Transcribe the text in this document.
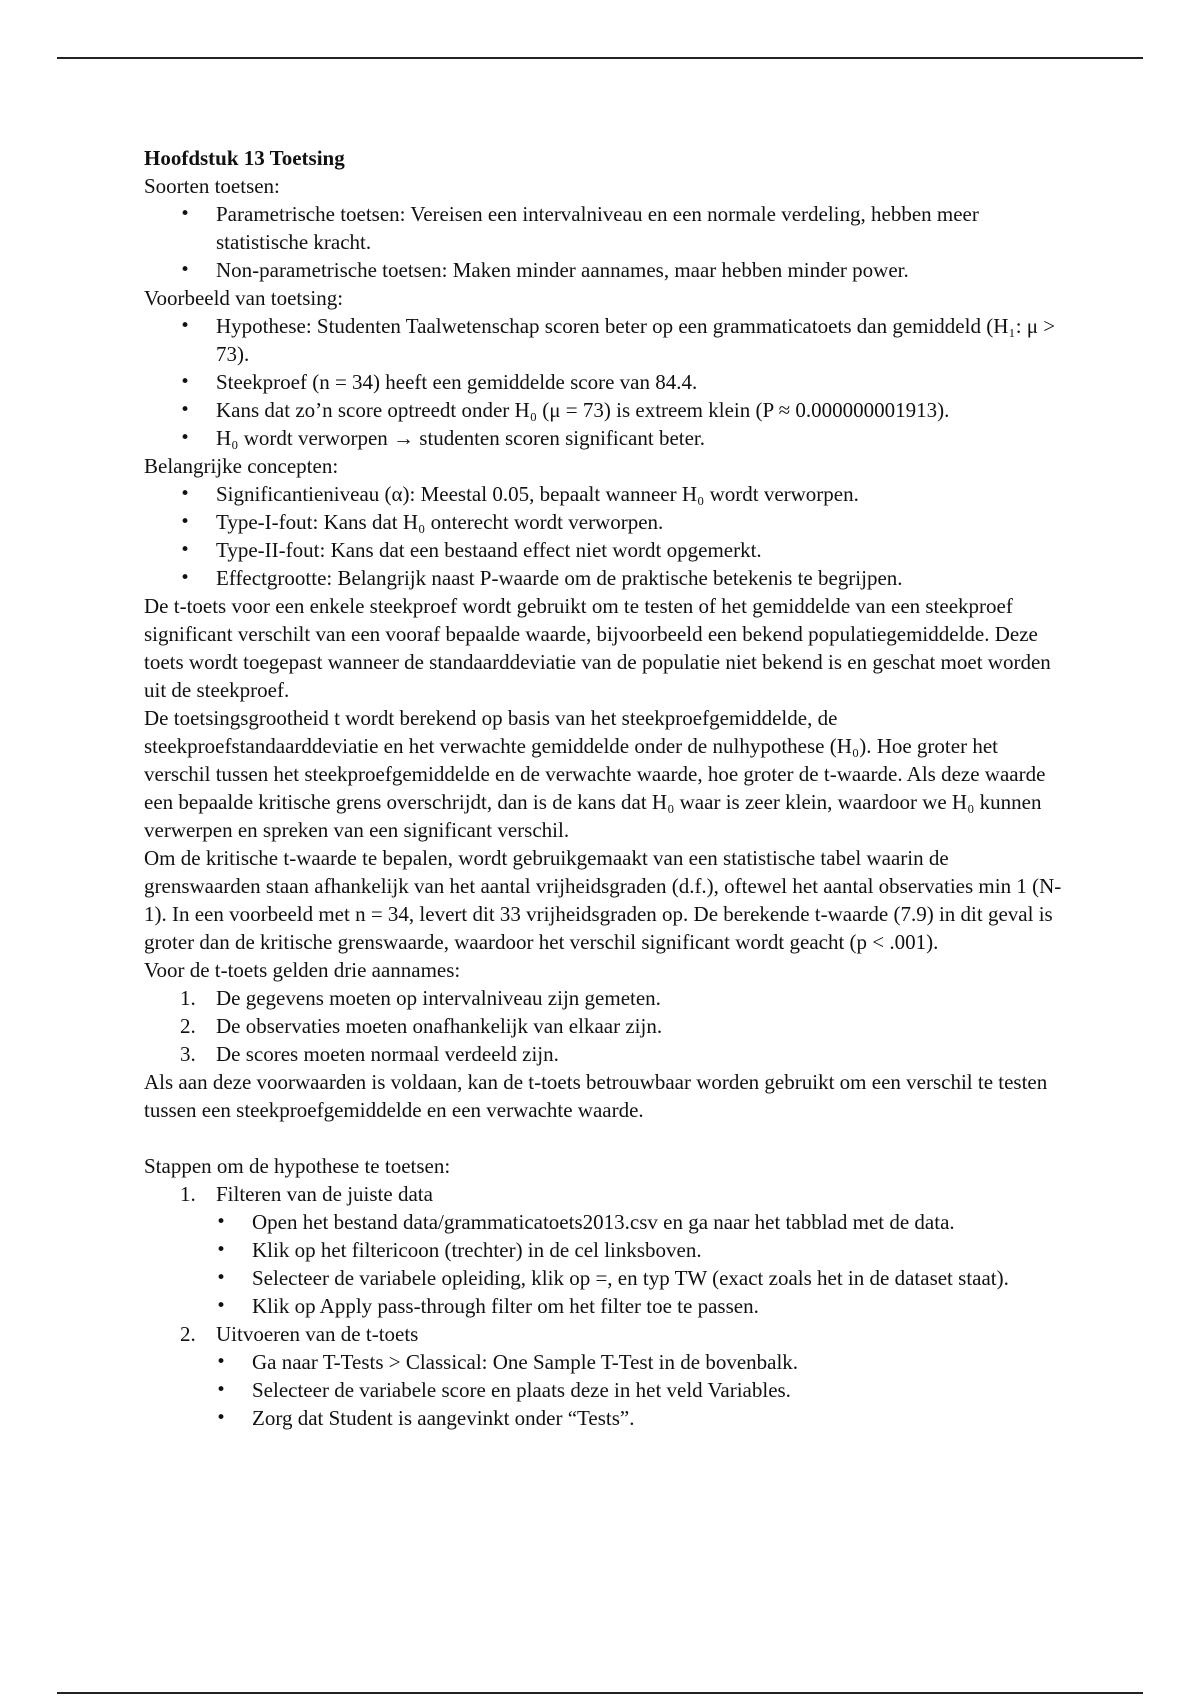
Hoofdstuk 13 Toetsing

Soorten toetsen:

• Parametrische toetsen: Vereisen een intervalniveau en een normale verdeling, hebben meer statistische kracht.
• Non-parametrische toetsen: Maken minder aannames, maar hebben minder power.

Voorbeeld van toetsing:

• Hypothese: Studenten Taalwetenschap scoren beter op een grammaticatoets dan gemiddeld (H₁: μ > 73).
• Steekproef (n = 34) heeft een gemiddelde score van 84.4.
• Kans dat zo’n score optreedt onder H₀ (μ = 73) is extreem klein (P ≈ 0.000000001913).
• H₀ wordt verworpen → studenten scoren significant beter.

Belangrijke concepten:

• Significantieniveau (α): Meestal 0.05, bepaalt wanneer H₀ wordt verworpen.
• Type-I-fout: Kans dat H₀ onterecht wordt verworpen.
• Type-II-fout: Kans dat een bestaand effect niet wordt opgemerkt.
• Effectgrootte: Belangrijk naast P-waarde om de praktische betekenis te begrijpen.

De t-toets voor een enkele steekproef wordt gebruikt om te testen of het gemiddelde van een steekproef significant verschilt van een vooraf bepaalde waarde, bijvoorbeeld een bekend populatiegemiddelde. Deze toets wordt toegepast wanneer de standaarddeviatie van de populatie niet bekend is en geschat moet worden uit de steekproef.

De toetsingsgrootheid t wordt berekend op basis van het steekproefgemiddelde, de steekproefstandaarddeviatie en het verwachte gemiddelde onder de nulhypothese (H₀). Hoe groter het verschil tussen het steekproefgemiddelde en de verwachte waarde, hoe groter de t-waarde. Als deze waarde een bepaalde kritische grens overschrijdt, dan is de kans dat H₀ waar is zeer klein, waardoor we H₀ kunnen verwerpen en spreken van een significant verschil.

Om de kritische t-waarde te bepalen, wordt gebruikgemaakt van een statistische tabel waarin de grenswaarden staan afhankelijk van het aantal vrijheidsgraden (d.f.), oftewel het aantal observaties min 1 (N-1). In een voorbeeld met n = 34, levert dit 33 vrijheidsgraden op. De berekende t-waarde (7.9) in dit geval is groter dan de kritische grenswaarde, waardoor het verschil significant wordt geacht (p < .001).

Voor de t-toets gelden drie aannames:

1. De gegevens moeten op intervalniveau zijn gemeten.
2. De observaties moeten onafhankelijk van elkaar zijn.
3. De scores moeten normaal verdeeld zijn.

Als aan deze voorwaarden is voldaan, kan de t-toets betrouwbaar worden gebruikt om een verschil te testen tussen een steekproefgemiddelde en een verwachte waarde.

Stappen om de hypothese te toetsen:

1. Filteren van de juiste data
• Open het bestand data/grammaticatoets2013.csv en ga naar het tabblad met de data.
• Klik op het filtericoon (trechter) in de cel linksboven.
• Selecteer de variabele opleiding, klik op =, en typ TW (exact zoals het in de dataset staat).
• Klik op Apply pass-through filter om het filter toe te passen.
2. Uitvoeren van de t-toets
• Ga naar T-Tests > Classical: One Sample T-Test in de bovenbalk.
• Selecteer de variabele score en plaats deze in het veld Variables.
• Zorg dat Student is aangevinkt onder “Tests”.
